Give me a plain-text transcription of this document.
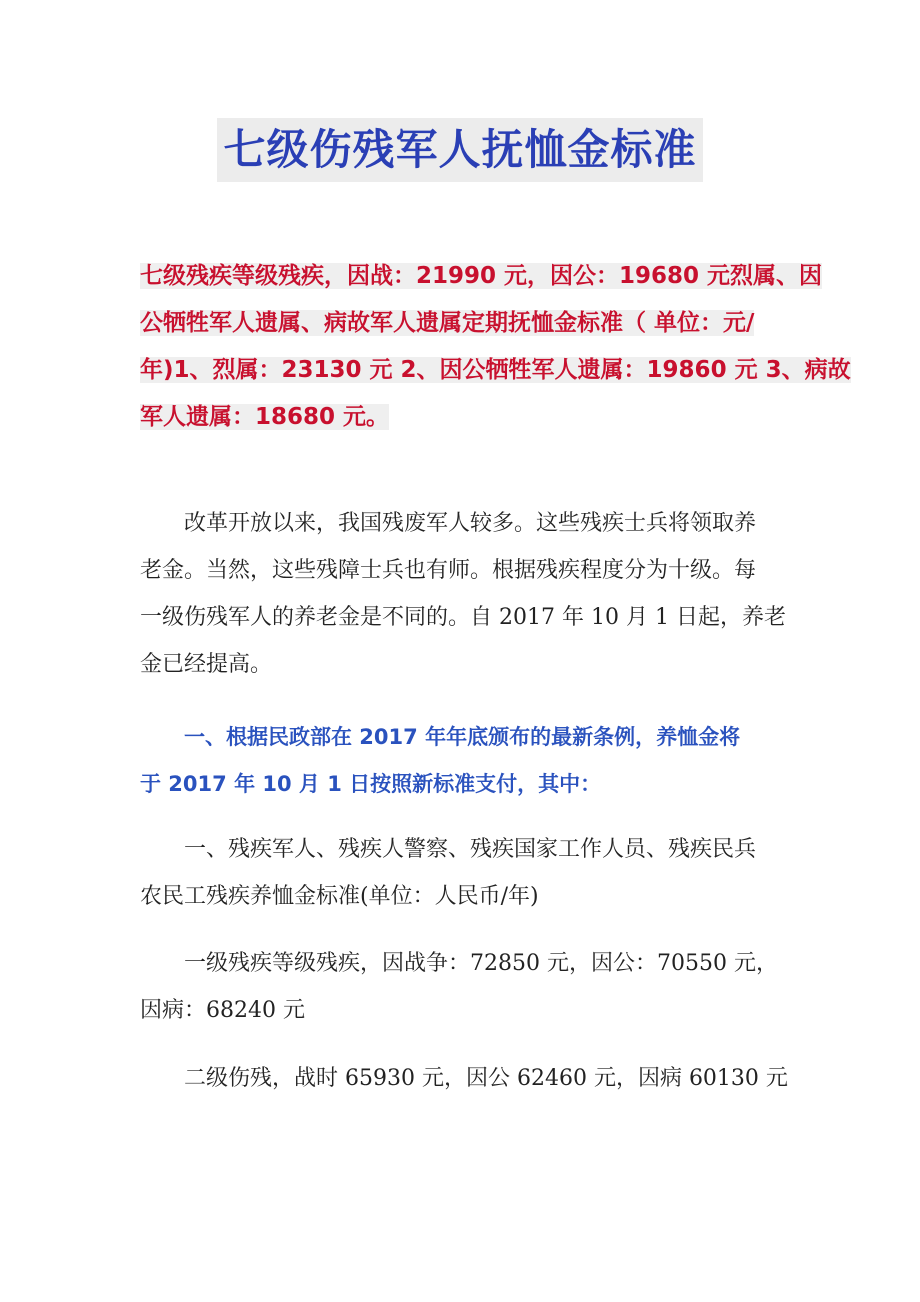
七级伤残军人抚恤金标准
七级残疾等级残疾，因战：21990 元，因公：19680 元烈属、因
公牺牲军人遗属、病故军人遗属定期抚恤金标准（ 单位：元/
年)1、烈属：23130 元 2、因公牺牲军人遗属：19860 元 3、病故
军人遗属：18680 元。
改革开放以来，我国残废军人较多。这些残疾士兵将领取养
老金。当然，这些残障士兵也有师。根据残疾程度分为十级。每
一级伤残军人的养老金是不同的。自 2017 年 10 月 1 日起，养老
金已经提高。
一、根据民政部在 2017 年年底颁布的最新条例，养恤金将
于 2017 年 10 月 1 日按照新标准支付，其中：
一、残疾军人、残疾人警察、残疾国家工作人员、残疾民兵
农民工残疾养恤金标准(单位：人民币/年)
一级残疾等级残疾，因战争：72850 元，因公：70550 元，
因病：68240 元
二级伤残，战时 65930 元，因公 62460 元，因病 60130 元
